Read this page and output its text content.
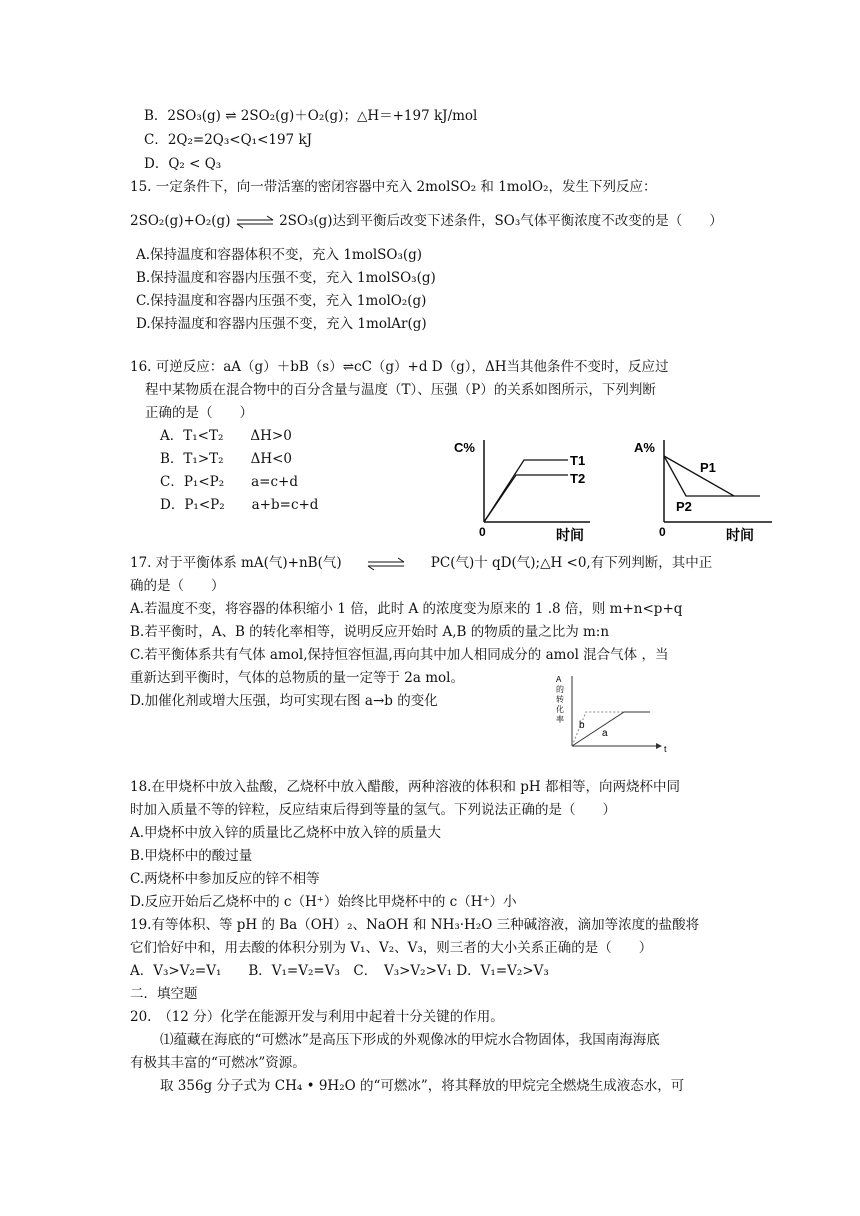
B．2SO₃(g) ⇌ 2SO₂(g)＋O₂(g)；△H＝+197 kJ/mol
C．2Q₂=2Q₃<Q₁<197 kJ
D．Q₂ < Q₃
15. 一定条件下，向一带活塞的密闭容器中充入 2molSO₂ 和 1molO₂，发生下列反应：
2SO₂(g)+O₂(g) ⇌ 2SO₃(g)达到平衡后改变下述条件，SO₃气体平衡浓度不改变的是（　　）
A.保持温度和容器体积不变，充入 1molSO₃(g)
B.保持温度和容器内压强不变，充入 1molSO₃(g)
C.保持温度和容器内压强不变，充入 1molO₂(g)
D.保持温度和容器内压强不变，充入 1molAr(g)
16. 可逆反应：aA（g）＋bB（s）⇌cC（g）+d D（g），ΔH当其他条件不变时，反应过
程中某物质在混合物中的百分含量与温度（T）、压强（P）的关系如图所示，下列判断
正确的是（　　）
A．T₁<T₂　　ΔH>0
B．T₁>T₂　　ΔH<0
C．P₁<P₂　　a=c+d
D．P₁<P₂　　a+b=c+d
C%
0	时间
T1
T2
A%
0	时间
P1
P2
17. 对于平衡体系 mA(气)+nB(气)	PC(气)十 qD(气);△H <0,有下列判断，其中正
确的是（　　）
A.若温度不变，将容器的体积缩小 1 倍，此时 A 的浓度变为原来的 1 .8 倍，则 m+n<p+q
B.若平衡时，A、B 的转化率相等，说明反应开始时 A,B 的物质的量之比为 m:n
C.若平衡体系共有气体 amol,保持恒容恒温,再向其中加人相同成分的 amol 混合气体 ，当
重新达到平衡时，气体的总物质的量一定等于 2a mol。
D.加催化剂或增大压强，均可实现右图 a→b 的变化
A
的
转
化
率
t
a
b
18.在甲烧杯中放入盐酸，乙烧杯中放入醋酸，两种溶液的体积和 pH 都相等，向两烧杯中同
时加入质量不等的锌粒，反应结束后得到等量的氢气。下列说法正确的是（　　）
A.甲烧杯中放入锌的质量比乙烧杯中放入锌的质量大
B.甲烧杯中的酸过量
C.两烧杯中参加反应的锌不相等
D.反应开始后乙烧杯中的 c（H⁺）始终比甲烧杯中的 c（H⁺）小
19.有等体积、等 pH 的 Ba（OH）₂、NaOH 和 NH₃·H₂O 三种碱溶液，滴加等浓度的盐酸将
它们恰好中和，用去酸的体积分别为 V₁、V₂、V₃，则三者的大小关系正确的是（　　）
A．V₃>V₂=V₁　　B．V₁=V₂=V₃　C．　V₃>V₂>V₁ D．V₁=V₂>V₃
二．填空题
20.　（12 分）化学在能源开发与利用中起着十分关键的作用。
⑴蕴藏在海底的“可燃冰”是高压下形成的外观像冰的甲烷水合物固体，我国南海海底
有极其丰富的“可燃冰”资源。
取 356g 分子式为 CH₄ • 9H₂O 的“可燃冰”，将其释放的甲烷完全燃烧生成液态水，可
